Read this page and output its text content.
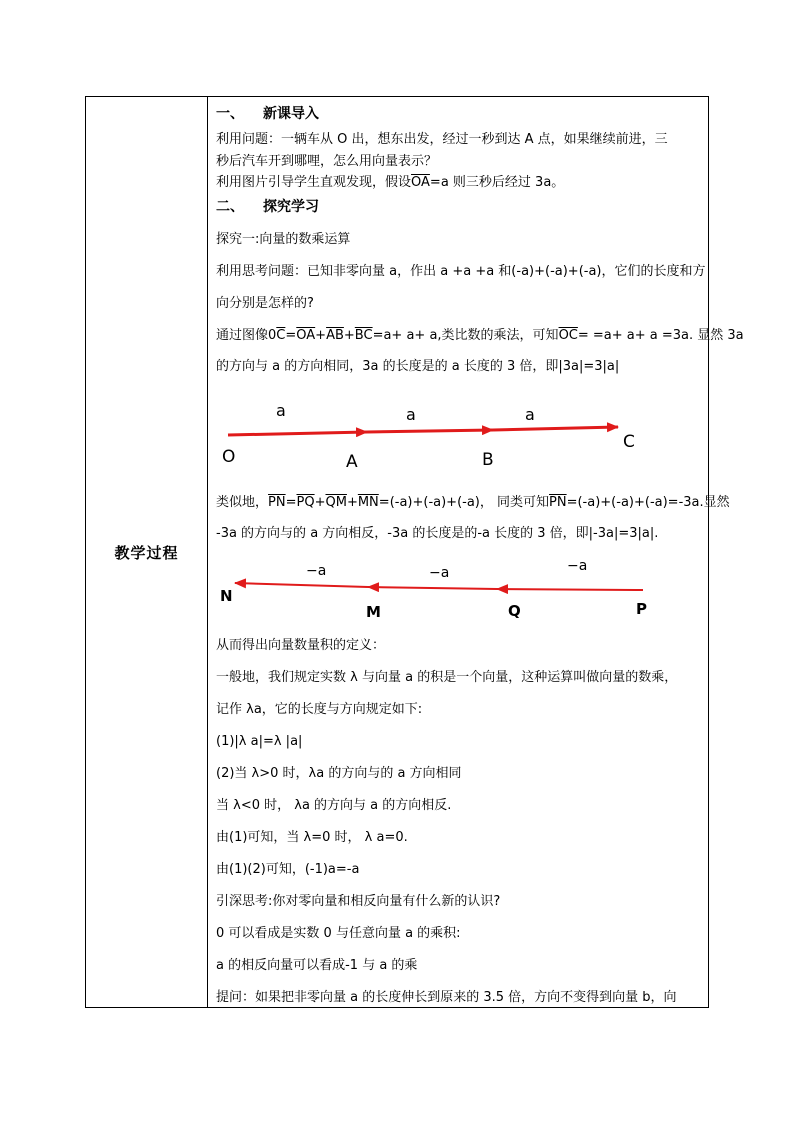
教学过程
一、 新课导入
利用问题：一辆车从 O 出，想东出发，经过一秒到达 A 点，如果继续前进，三
秒后汽车开到哪哩，怎么用向量表示？
利用图片引导学生直观发现，假设$\overline{OA}=a$ 则三秒后经过 3a。
二、 探究学习
探究一:向量的数乘运算
利用思考问题：已知非零向量 a，作出 a +a +a 和(-a)+(-a)+(-a)，它们的长度和方
向分别是怎样的?
通过图像$0\overline{C}=\overline{OA}+\overline{AB}+\overline{BC}=a+ a+ a$,类比数的乘法，可知$\overline{OC}= =a+ a+ a =3a$. 显然 3a
的方向与 a 的方向相同，3a 的长度是的 a 长度的 3 倍，即|3a|=3|a|
a	a	a
O	A	B
C
类似地，$\overline{PN}=\overline{PQ}+\overline{QM}+\overline{MN}=(-a)+(-a)+(-a)$， 同类可知$\overline{PN}=(-a)+(-a)+(-a)=-3a$.显然
-3a 的方向与的 a 方向相反，-3a 的长度是的-a 长度的 3 倍，即|-3a|=3|a|.
−a	−a	−a
N
M	Q	P
从而得出向量数量积的定义：
一般地，我们规定实数 λ 与向量 a 的积是一个向量，这种运算叫做向量的数乘，
记作 λa，它的长度与方向规定如下:
(1)|λ a|=λ |a|
(2)当 λ>0 时，λa 的方向与的 a 方向相同
当 λ<0 时， λa 的方向与 a 的方向相反.
由(1)可知，当 λ=0 时， λ a=0.
由(1)(2)可知，(-1)a=-a
引深思考:你对零向量和相反向量有什么新的认识?
0 可以看成是实数 0 与任意向量 a 的乘积:
a 的相反向量可以看成-1 与 a 的乘
提问：如果把非零向量 a 的长度伸长到原来的 3.5 倍，方向不变得到向量 b，向
